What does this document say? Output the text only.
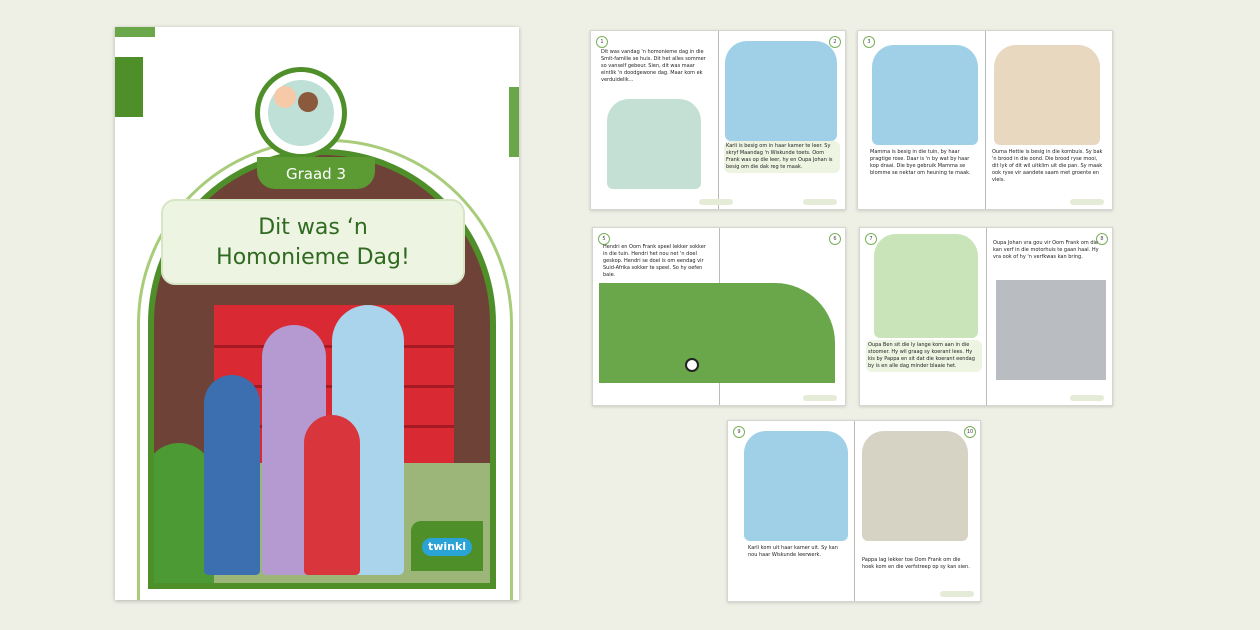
Graad 3
Dit was ‘n
Homonieme Dag!
twinkl
1	2
Dit was vandag 'n homonieme dag in die Smit-familie se huis. Dit het alles sommer so vanself gebeur. Sien, dit was maar eintlik 'n doodgewone dag. Maar kom ek verduidelik...
Karli is besig om in haar kamer te leer. Sy skryf Maandag 'n Wiskunde toets. Oom Frank was op die leer, hy en Oupa Johan is besig om die dak reg te maak.
3
Mamma is besig in die tuin, by haar pragtige rose. Daar is 'n by wat by haar kop draai. Die bye gebruik Mamma se blomme se nektar om heuning te maak.
Ouma Hettie is besig in die kombuis. Sy bak 'n brood in die oond. Die brood ryse mooi, dit lyk of dit wil uitklim uit die pan. Sy maak ook ryse vir aandete saam met groente en vleis.
5	6
Hendri en Oom Frank speel lekker sokker in die tuin. Hendri het nou net 'n doel geskop. Hendri se doel is om eendag vir Suid-Afrika sokker te speel. So hy oefen baie.
7	8
Oupa Ben sit die ly lange kom aan in die stoomer. Hy wil graag sy koerant lees. Hy kis by Pappa en sit dat die koerant eendag by is en alle dag minder blaaie het.
Oupa Johan vra gou vir Oom Frank om die kan verf in die motorhuis te gaan haal. Hy vra ook of hy 'n verfkwas kan bring.
9	10
Karli kom uit haar kamer uit. Sy kan nou haar Wiskunde leerwerk.
Pappa lag lekker toe Oom Frank om die hoek kom en die verfstreep op sy kan sien.
